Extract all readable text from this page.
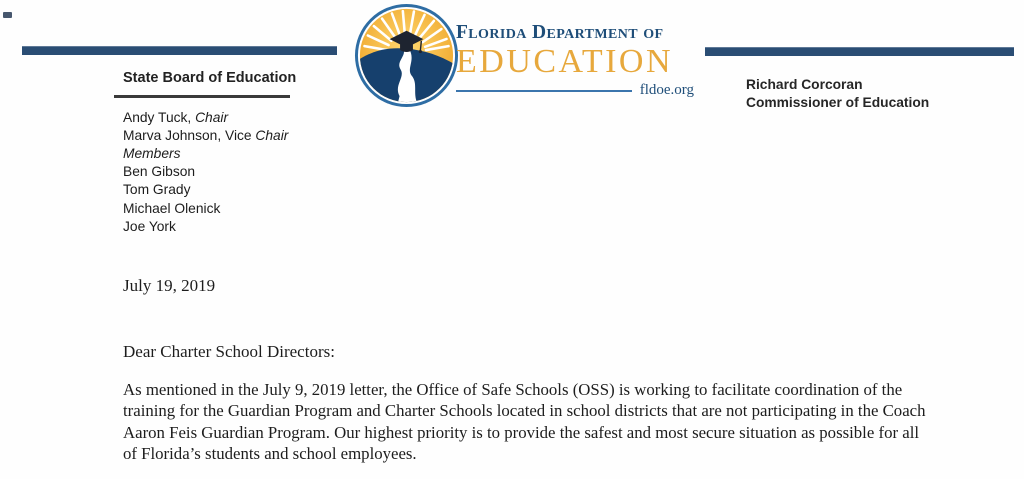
Florida Department of
EDUCATION
fldoe.org	Richard Corcoran
Commissioner of Education
State Board of Education
Andy Tuck, Chair
Marva Johnson, Vice Chair
Members
Ben Gibson
Tom Grady
Michael Olenick
Joe York
July 19, 2019
Dear Charter School Directors:
As mentioned in the July 9, 2019 letter, the Office of Safe Schools (OSS) is working to facilitate coordination of the training for the Guardian Program and Charter Schools located in school districts that are not participating in the Coach Aaron Feis Guardian Program. Our highest priority is to provide the safest and most secure situation as possible for all of Florida’s students and school employees.
